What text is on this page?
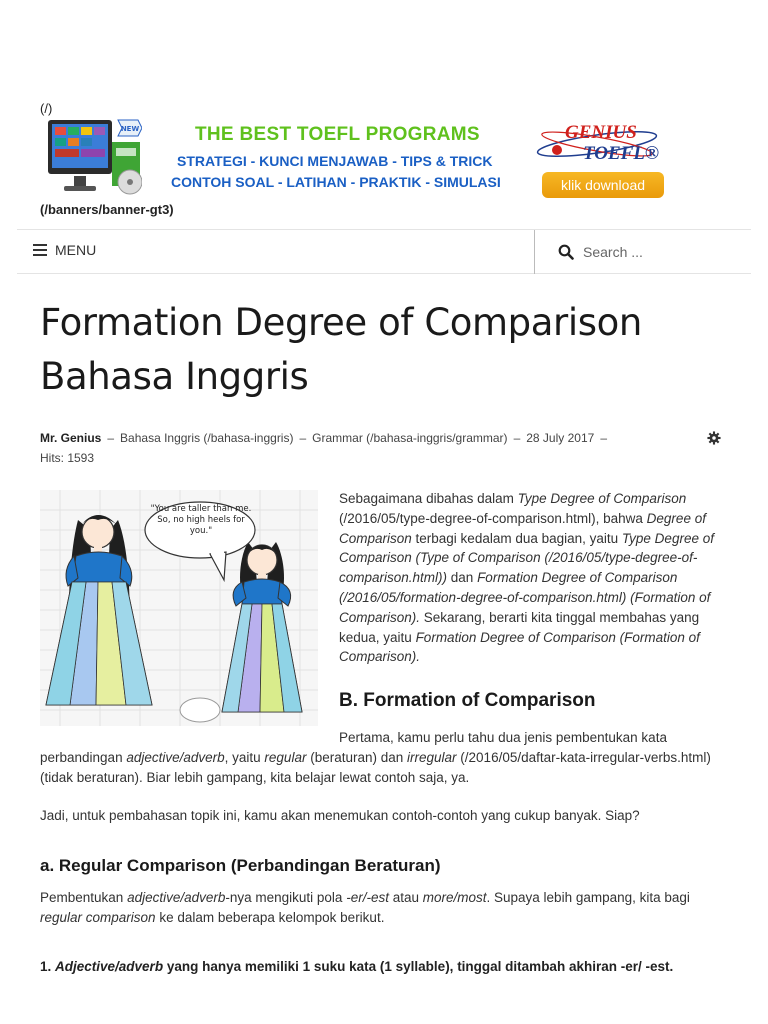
(/)
NEW	THE BEST TOEFL PROGRAMS
STRATEGI - KUNCI MENJAWAB - TIPS & TRICK
CONTOH SOAL - LATIHAN - PRAKTIK - SIMULASI
GENIUS
TOEFL®
klik download
(/banners/banner-gt3)
MENU
Search ...
Formation Degree of Comparison Bahasa Inggris
Mr. Genius – Bahasa Inggris (/bahasa-inggris) – Grammar (/bahasa-inggris/grammar) – 28 July 2017 –
Hits: 1593
"You are taller than me. So, no high heels for you."
Sebagaimana dibahas dalam Type Degree of Comparison (/2016/05/type-degree-of-comparison.html), bahwa Degree of Comparison terbagi kedalam dua bagian, yaitu Type Degree of Comparison (Type of Comparison (/2016/05/type-degree-of-comparison.html)) dan Formation Degree of Comparison (/2016/05/formation-degree-of-comparison.html) (Formation of Comparison). Sekarang, berarti kita tinggal membahas yang kedua, yaitu Formation Degree of Comparison (Formation of Comparison).
B. Formation of Comparison

Pertama, kamu perlu tahu dua jenis pembentukan kata perbandingan adjective/adverb, yaitu regular (beraturan) dan irregular (/2016/05/daftar-kata-irregular-verbs.html) (tidak beraturan). Biar lebih gampang, kita belajar lewat contoh saja, ya.

Jadi, untuk pembahasan topik ini, kamu akan menemukan contoh-contoh yang cukup banyak. Siap?

a. Regular Comparison (Perbandingan Beraturan)

Pembentukan adjective/adverb-nya mengikuti pola -er/-est atau more/most. Supaya lebih gampang, kita bagi regular comparison ke dalam beberapa kelompok berikut.

1. Adjective/adverb yang hanya memiliki 1 suku kata (1 syllable), tinggal ditambah akhiran -er/ -est.
